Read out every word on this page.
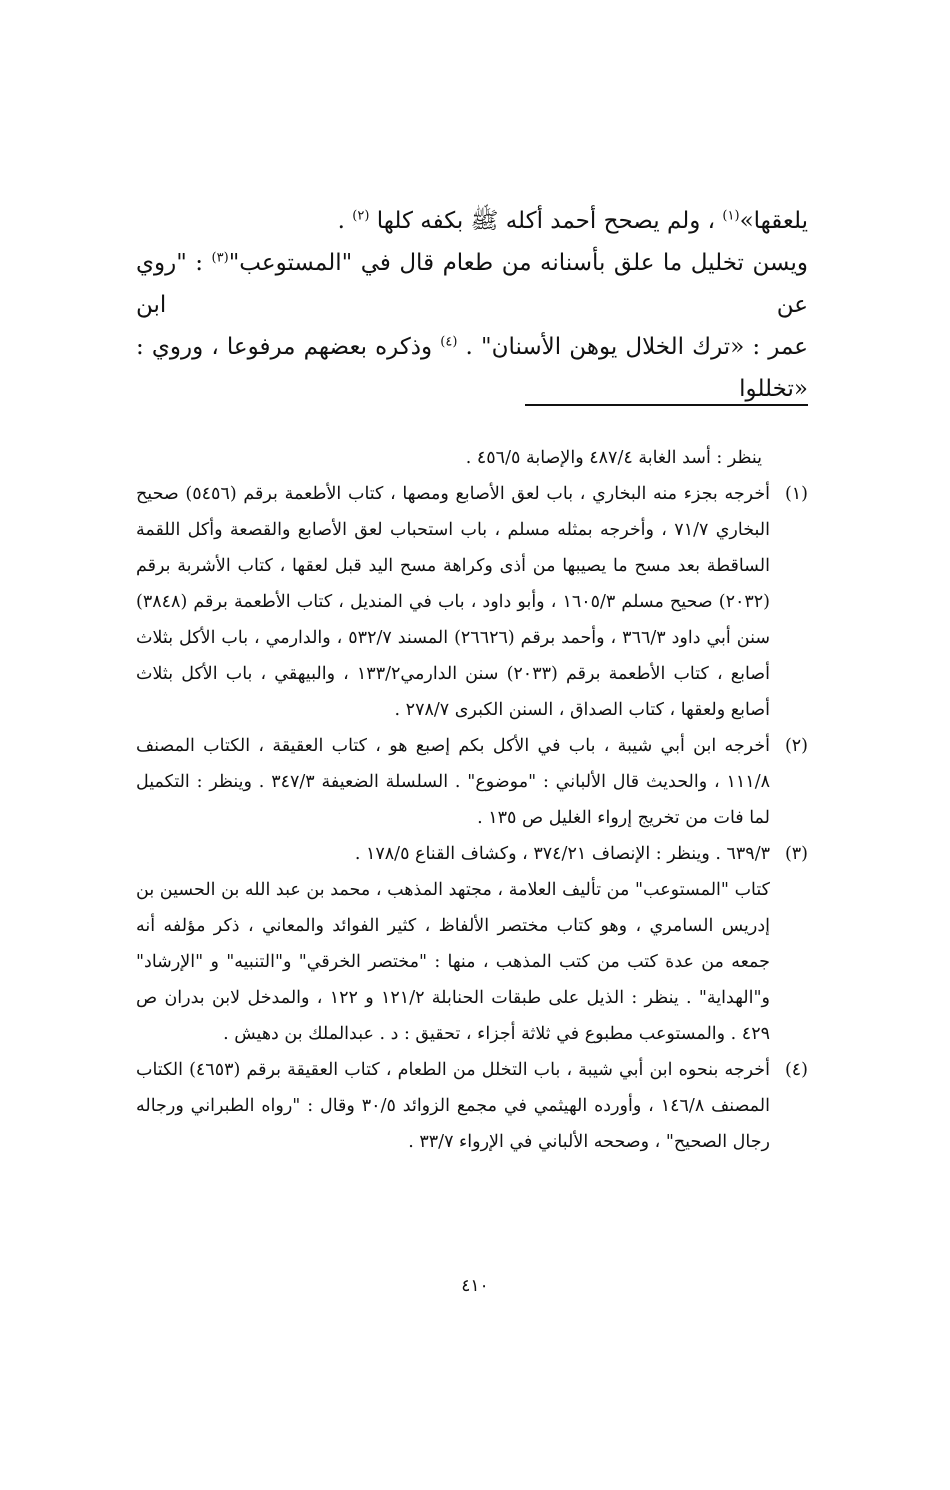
يلعقها»$^{(١)}$ ، ولم يصحح أحمد أكله ﷺ بكفه كلها $^{(٢)}$ .

ويسن تخليل ما علق بأسنانه من طعام قال في "المستوعب"$^{(٣)}$ : "روي عن ابن

عمر : «ترك الخلال يوهن الأسنان" . $^{(٤)}$ وذكره بعضهم مرفوعا ، وروي : «تخللوا

ينظر : أسد الغابة ٤٨٧/٤ والإصابة ٤٥٦/٥ .
(١)
أخرجه بجزء منه البخاري ، باب لعق الأصابع ومصها ، كتاب الأطعمة برقم (٥٤٥٦) صحيح البخاري ٧١/٧ ، وأخرجه بمثله مسلم ، باب استحباب لعق الأصابع والقصعة وأكل اللقمة الساقطة بعد مسح ما يصيبها من أذى وكراهة مسح اليد قبل لعقها ، كتاب الأشربة برقم (٢٠٣٢) صحيح مسلم ١٦٠٥/٣ ، وأبو داود ، باب في المنديل ، كتاب الأطعمة برقم (٣٨٤٨) سنن أبي داود ٣٦٦/٣ ، وأحمد برقم (٢٦٦٢٦) المسند ٥٣٢/٧ ، والدارمي ، باب الأكل بثلاث أصابع ، كتاب الأطعمة برقم (٢٠٣٣) سنن الدارمي١٣٣/٢ ، والبيهقي ، باب الأكل بثلاث أصابع ولعقها ، كتاب الصداق ، السنن الكبرى ٢٧٨/٧ .
(٢)
أخرجه ابن أبي شيبة ، باب في الأكل بكم إصبع هو ، كتاب العقيقة ، الكتاب المصنف ١١١/٨ ، والحديث قال الألباني : "موضوع" . السلسلة الضعيفة ٣٤٧/٣ . وينظر : التكميل لما فات من تخريج إرواء الغليل ص ١٣٥ .
(٣)
٦٣٩/٣ . وينظر : الإنصاف ٣٧٤/٢١ ، وكشاف القناع ١٧٨/٥ .
كتاب "المستوعب" من تأليف العلامة ، مجتهد المذهب ، محمد بن عبد الله بن الحسين بن إدريس السامري ، وهو كتاب مختصر الألفاظ ، كثير الفوائد والمعاني ، ذكر مؤلفه أنه جمعه من عدة كتب من كتب المذهب ، منها : "مختصر الخرقي" و"التنبيه" و "الإرشاد" و"الهداية" . ينظر : الذيل على طبقات الحنابلة ١٢١/٢ و ١٢٢ ، والمدخل لابن بدران ص ٤٢٩ . والمستوعب مطبوع في ثلاثة أجزاء ، تحقيق : د . عبدالملك بن دهيش .
(٤)
أخرجه بنحوه ابن أبي شيبة ، باب التخلل من الطعام ، كتاب العقيقة برقم (٤٦٥٣) الكتاب المصنف ١٤٦/٨ ، وأورده الهيثمي في مجمع الزوائد ٣٠/٥ وقال : "رواه الطبراني ورجاله رجال الصحيح" ، وصححه الألباني في الإرواء ٣٣/٧ .
٤١٠
